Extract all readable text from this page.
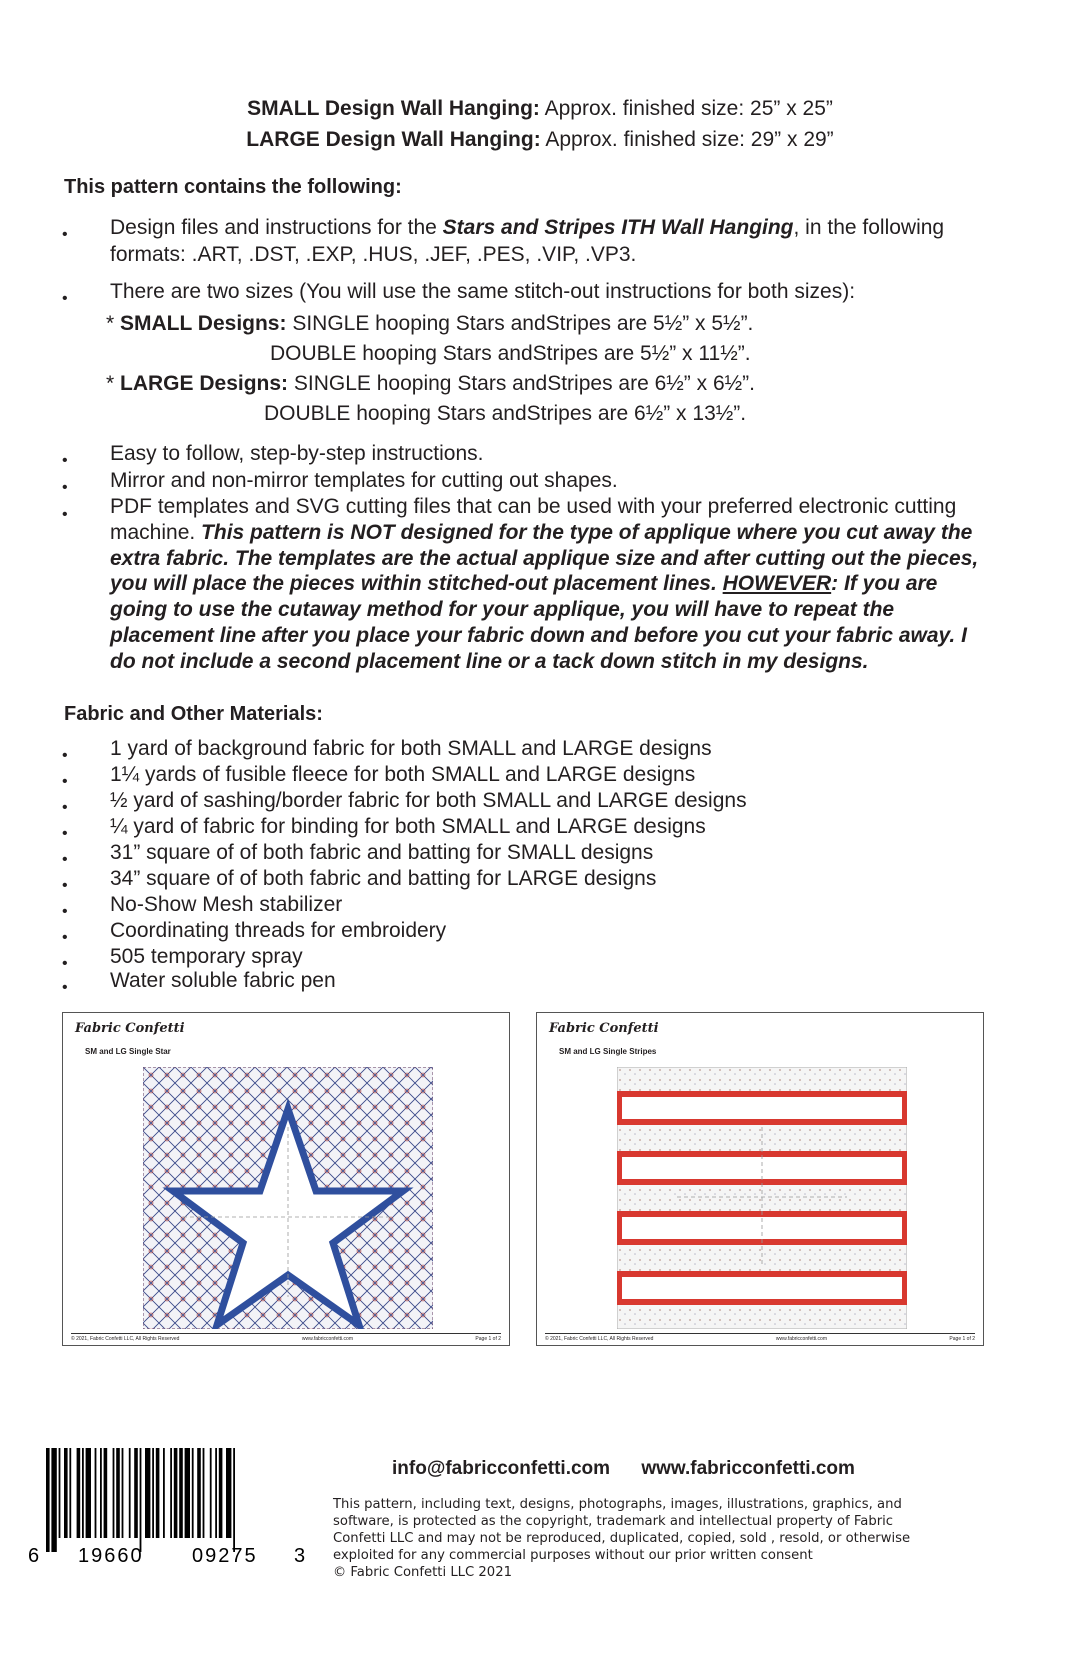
SMALL Design Wall Hanging: Approx. finished size: 25” x 25”
LARGE Design Wall Hanging: Approx. finished size: 29” x 29”
This pattern contains the following:
•	Design files and instructions for the Stars and Stripes ITH Wall Hanging, in the following formats: .ART, .DST, .EXP, .HUS, .JEF, .PES, .VIP, .VP3.
•	There are two sizes (You will use the same stitch-out instructions for both sizes):
* SMALL Designs: SINGLE hooping Stars andStripes are 5½” x 5½”.
DOUBLE hooping Stars andStripes are 5½” x 11½”.
* LARGE Designs: SINGLE hooping Stars andStripes are 6½” x 6½”.
DOUBLE hooping Stars andStripes are 6½” x 13½”.
•	Easy to follow, step-by-step instructions.
•	Mirror and non-mirror templates for cutting out shapes.
•	PDF templates and SVG cutting files that can be used with your preferred electronic cutting machine. This pattern is NOT designed for the type of applique where you cut away the extra fabric. The templates are the actual applique size and after cutting out the pieces, you will place the pieces within stitched-out placement lines. HOWEVER: If you are going to use the cutaway method for your applique, you will have to repeat the placement line after you place your fabric down and before you cut your fabric away. I do not include a second placement line or a tack down stitch in my designs.
Fabric and Other Materials:
•	1 yard of background fabric for both SMALL and LARGE designs
•	1¼ yards of fusible fleece for both SMALL and LARGE designs
•	½ yard of sashing/border fabric for both SMALL and LARGE designs
•	¼ yard of fabric for binding for both SMALL and LARGE designs
•	31” square of of both fabric and batting for SMALL designs
•	34” square of of both fabric and batting for LARGE designs
•	No-Show Mesh stabilizer
•	Coordinating threads for embroidery
•	505 temporary spray
•	Water soluble fabric pen
Fabric Confetti
SM and LG Single Star
© 2021, Fabric Confetti LLC, All Rights Reserved	www.fabricconfetti.com	Page 1 of 2
Fabric Confetti
SM and LG Single Stripes
© 2021, Fabric Confetti LLC, All Rights Reserved	www.fabricconfetti.com	Page 1 of 2
6 19660 09275 3
info@fabricconfetti.com www.fabricconfetti.com
This pattern, including text, designs, photographs, images, illustrations, graphics, and software, is protected as the copyright, trademark and intellectual property of Fabric Confetti LLC and may not be reproduced, duplicated, copied, sold , resold, or otherwise exploited for any commercial purposes without our prior written consent
© Fabric Confetti LLC 2021
